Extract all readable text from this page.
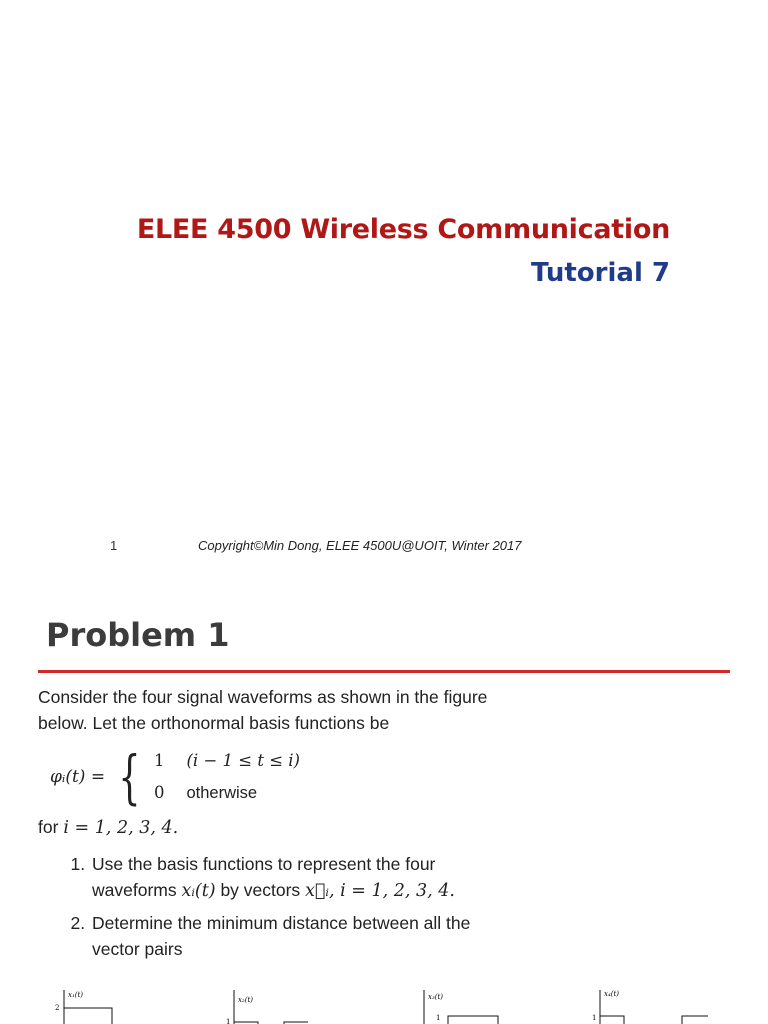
ELEE 4500 Wireless Communication
Tutorial 7
1	Copyright©Min Dong, ELEE 4500U@UOIT, Winter 2017
Problem 1

Consider the four signal waveforms as shown in the figure

below. Let the orthonormal basis functions be

φᵢ(t) = { 1 (i − 1 ≤ t ≤ i)
0 otherwise

for i = 1, 2, 3, 4.

1. Use the basis functions to represent the four
waveforms xᵢ(t) by vectors x⃗ᵢ, i = 1, 2, 3, 4.
2. Determine the minimum distance between all the
vector pairs
x₁(t)
2
x₂(t)
1
x₃(t)
1
x₄(t)
1
